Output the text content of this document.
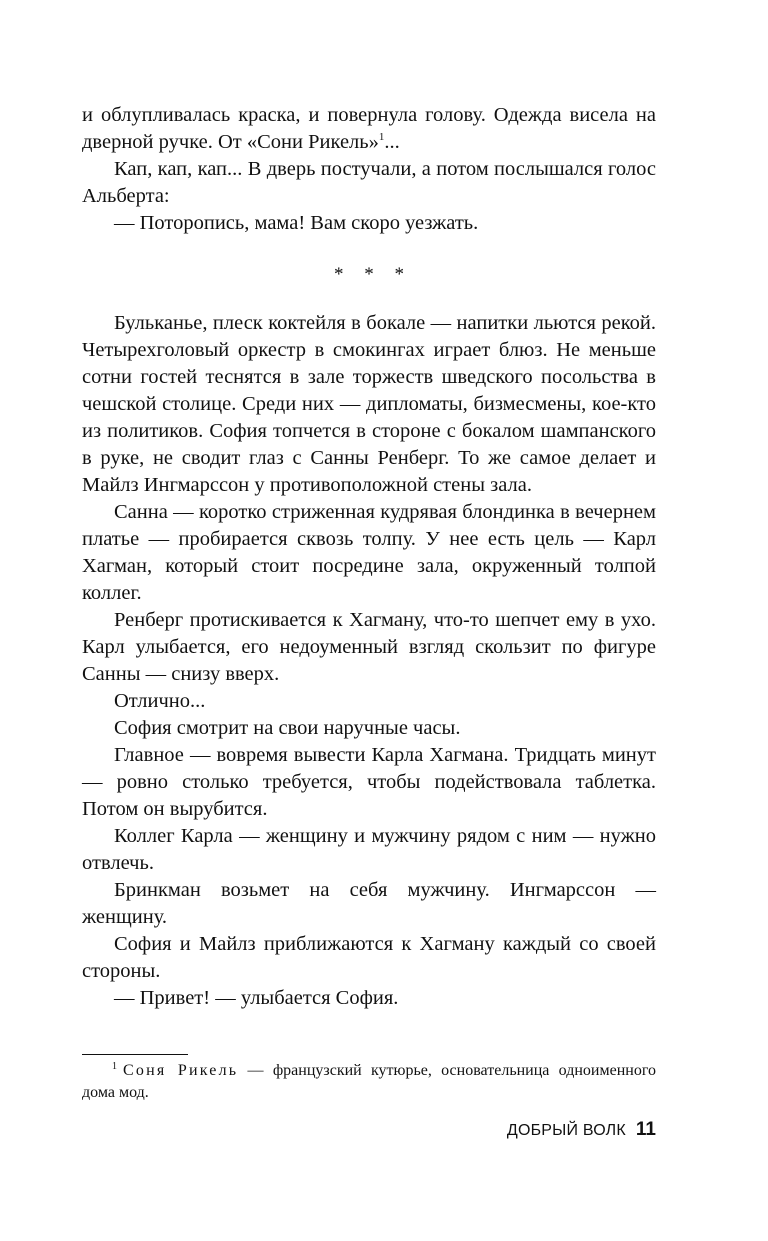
и облупливалась краска, и повернула голову. Одежда висела на дверной ручке. От «Сони Рикель»$^1$...

Кап, кап, кап... В дверь постучали, а потом послышался голос Альберта:

— Поторопись, мама! Вам скоро уезжать.

* * *

Бульканье, плеск коктейля в бокале — напитки льются рекой. Четырехголовый оркестр в смокингах играет блюз. Не меньше сотни гостей теснятся в зале торжеств шведского посольства в чешской столице. Среди них — дипломаты, бизмесмены, кое-кто из политиков. София топчется в стороне с бокалом шампанского в руке, не сводит глаз с Санны Ренберг. То же самое делает и Майлз Ингмарссон у противоположной стены зала.

Санна — коротко стриженная кудрявая блондинка в вечернем платье — пробирается сквозь толпу. У нее есть цель — Карл Хагман, который стоит посредине зала, окруженный толпой коллег.

Ренберг протискивается к Хагману, что-то шепчет ему в ухо. Карл улыбается, его недоуменный взгляд скользит по фигуре Санны — снизу вверх.

Отлично...

София смотрит на свои наручные часы.

Главное — вовремя вывести Карла Хагмана. Тридцать минут — ровно столько требуется, чтобы подействовала таблетка. Потом он вырубится.

Коллег Карла — женщину и мужчину рядом с ним — нужно отвлечь.

Бринкман возьмет на себя мужчину. Ингмарссон — женщину.

София и Майлз приближаются к Хагману каждый со своей стороны.

— Привет! — улыбается София.

$^1$ Соня Рикель — французский кутюрье, основательница одноименного дома мод.
ДОБРЫЙ ВОЛК 11
